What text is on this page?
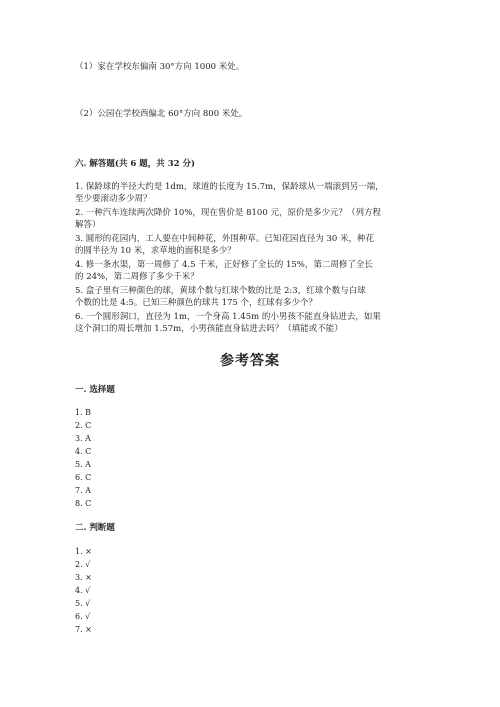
（1）家在学校东偏南 30°方向 1000 米处。
（2）公园在学校西偏北 60°方向 800 米处。
六. 解答题(共 6 题，共 32 分)
1. 保龄球的半径大约是 1dm，球道的长度为 15.7m，保龄球从一端滚到另一端，
至少要滚动多少周？
2. 一种汽车连续两次降价 10%，现在售价是 8100 元，原价是多少元？（列方程
解答）
3. 圆形的花园内，工人要在中间种花，外围种草。已知花园直径为 30 米，种花
的圆半径为 10 米，求草地的面积是多少？
4. 修一条水渠，第一周修了 4.5 千米，正好修了全长的 15%，第二周修了全长
的 24%，第二周修了多少千米？
5. 盒子里有三种颜色的球，黄球个数与红球个数的比是 2:3，红球个数与白球
个数的比是 4:5。已知三种颜色的球共 175 个，红球有多少个？
6. 一个圆形洞口，直径为 1m，一个身高 1.45m 的小男孩不能直身钻进去，如果
这个洞口的周长增加 1.57m，小男孩能直身钻进去吗？（填能或不能）
参考答案
一. 选择题
1. B
2. C
3. A
4. C
5. A
6. C
7. A
8. C
二. 判断题
1. ×
2. √
3. ×
4. √
5. √
6. √
7. ×
